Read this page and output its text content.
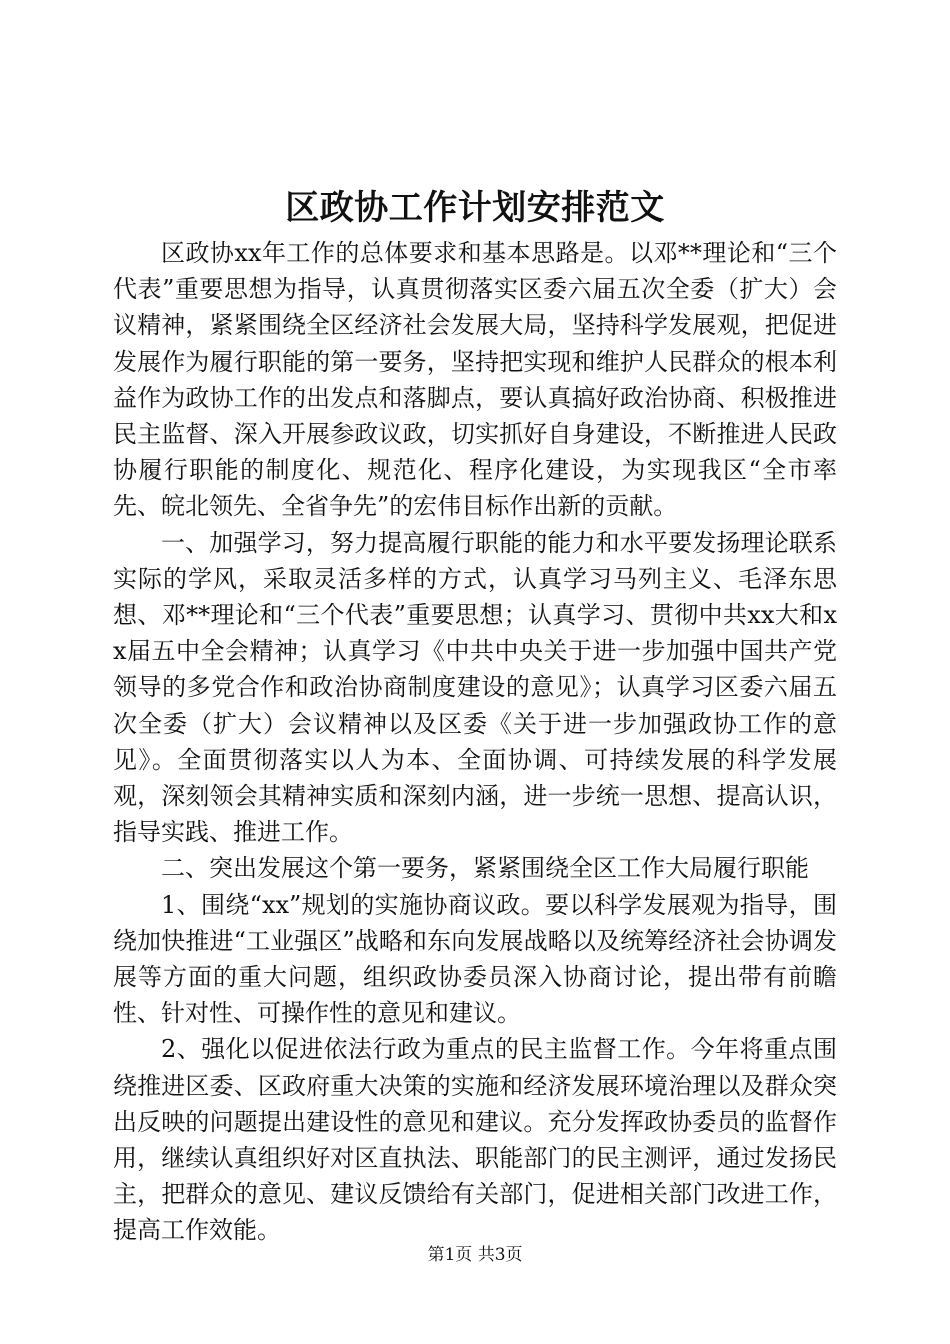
区政协工作计划安排范文

区政协xx年工作的总体要求和基本思路是。以邓**理论和“三个代表”重要思想为指导，认真贯彻落实区委六届五次全委（扩大）会议精神，紧紧围绕全区经济社会发展大局，坚持科学发展观，把促进发展作为履行职能的第一要务，坚持把实现和维护人民群众的根本利益作为政协工作的出发点和落脚点，要认真搞好政治协商、积极推进民主监督、深入开展参政议政，切实抓好自身建设，不断推进人民政协履行职能的制度化、规范化、程序化建设，为实现我区“全市率先、皖北领先、全省争先”的宏伟目标作出新的贡献。

一、加强学习，努力提高履行职能的能力和水平要发扬理论联系实际的学风，采取灵活多样的方式，认真学习马列主义、毛泽东思想、邓**理论和“三个代表”重要思想；认真学习、贯彻中共xx大和xx届五中全会精神；认真学习《中共中央关于进一步加强中国共产党领导的多党合作和政治协商制度建设的意见》；认真学习区委六届五次全委（扩大）会议精神以及区委《关于进一步加强政协工作的意见》。全面贯彻落实以人为本、全面协调、可持续发展的科学发展观，深刻领会其精神实质和深刻内涵，进一步统一思想、提高认识，指导实践、推进工作。

二、突出发展这个第一要务，紧紧围绕全区工作大局履行职能

1、围绕“xx”规划的实施协商议政。要以科学发展观为指导，围绕加快推进“工业强区”战略和东向发展战略以及统筹经济社会协调发展等方面的重大问题，组织政协委员深入协商讨论，提出带有前瞻性、针对性、可操作性的意见和建议。

2、强化以促进依法行政为重点的民主监督工作。今年将重点围绕推进区委、区政府重大决策的实施和经济发展环境治理以及群众突出反映的问题提出建设性的意见和建议。充分发挥政协委员的监督作用，继续认真组织好对区直执法、职能部门的民主测评，通过发扬民主，把群众的意见、建议反馈给有关部门，促进相关部门改进工作，提高工作效能。

第1页 共3页
